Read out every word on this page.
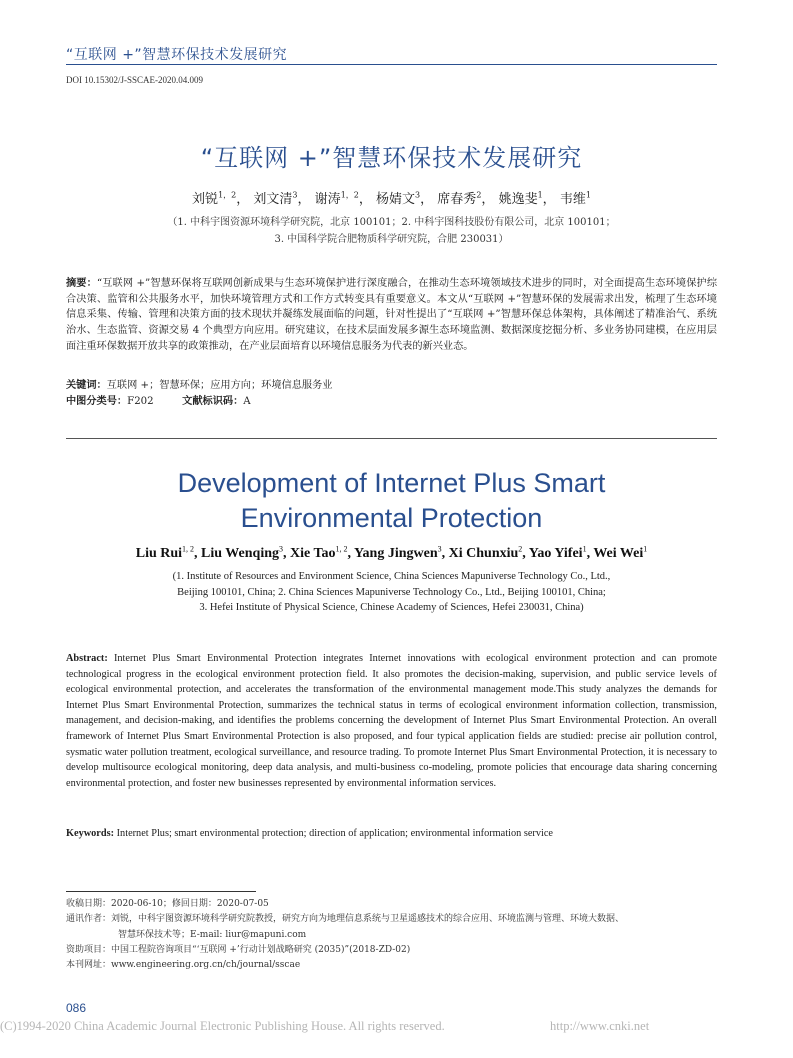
“互联网 +”智慧环保技术发展研究
DOI 10.15302/J-SSCAE-2020.04.009
“互联网 +”智慧环保技术发展研究
刘锐$^{1,2}$， 刘文清$^3$， 谢涛$^{1,2}$， 杨婧文$^3$， 席春秀$^2$， 姚逸斐$^1$， 韦维$^1$
（1. 中科宇图资源环境科学研究院，北京 100101；2. 中科宇图科技股份有限公司，北京 100101；
3. 中国科学院合肥物质科学研究院，合肥 230031）
摘要：“互联网 +”智慧环保将互联网创新成果与生态环境保护进行深度融合，在推动生态环境领域技术进步的同时，对全面提高生态环境保护综合决策、监管和公共服务水平，加快环境管理方式和工作方式转变具有重要意义。本文从“互联网 +”智慧环保的发展需求出发，梳理了生态环境信息采集、传输、管理和决策方面的技术现状并凝练发展面临的问题，针对性提出了“互联网 +”智慧环保总体架构，具体阐述了精准治气、系统治水、生态监管、资源交易 4 个典型方向应用。研究建议，在技术层面发展多源生态环境监测、数据深度挖掘分析、多业务协同建模，在应用层面注重环保数据开放共享的政策推动，在产业层面培育以环境信息服务为代表的新兴业态。
关键词：互联网 +；智慧环保；应用方向；环境信息服务业
中图分类号：F202	文献标识码：A
Development of Internet Plus Smart
Environmental Protection
Liu Rui$^{1, 2}$, Liu Wenqing$^3$, Xie Tao$^{1, 2}$, Yang Jingwen$^3$, Xi Chunxiu$^2$, Yao Yifei$^1$, Wei Wei$^1$
(1. Institute of Resources and Environment Science, China Sciences Mapuniverse Technology Co., Ltd.,
Beijing 100101, China; 2. China Sciences Mapuniverse Technology Co., Ltd., Beijing 100101, China;
3. Hefei Institute of Physical Science, Chinese Academy of Sciences, Hefei 230031, China)
Abstract: Internet Plus Smart Environmental Protection integrates Internet innovations with ecological environment protection and can promote technological progress in the ecological environment protection field. It also promotes the decision-making, supervision, and public service levels of ecological environmental protection, and accelerates the transformation of the environmental management mode.This study analyzes the demands for Internet Plus Smart Environmental Protection, summarizes the technical status in terms of ecological environment information collection, transmission, management, and decision-making, and identifies the problems concerning the development of Internet Plus Smart Environmental Protection. An overall framework of Internet Plus Smart Environmental Protection is also proposed, and four typical application fields are studied: precise air pollution control, sysmatic water pollution treatment, ecological surveillance, and resource trading. To promote Internet Plus Smart Environmental Protection, it is necessary to develop multisource ecological monitoring, deep data analysis, and multi-business co-modeling, promote policies that encourage data sharing concerning environmental protection, and foster new businesses represented by environmental information services.
Keywords: Internet Plus; smart environmental protection; direction of application; environmental information service
收稿日期：2020-06-10；修回日期：2020-07-05
通讯作者：刘锐，中科宇图资源环境科学研究院教授，研究方向为地理信息系统与卫星遥感技术的综合应用、环境监测与管理、环境大数据、
智慧环保技术等；E-mail: liur@mapuni.com
资助项目：中国工程院咨询项目“‘互联网 +’行动计划战略研究 (2035)”(2018-ZD-02)
本刊网址：www.engineering.org.cn/ch/journal/sscae
086
(C)1994-2020 China Academic Journal Electronic Publishing House. All rights reserved.	http://www.cnki.net
